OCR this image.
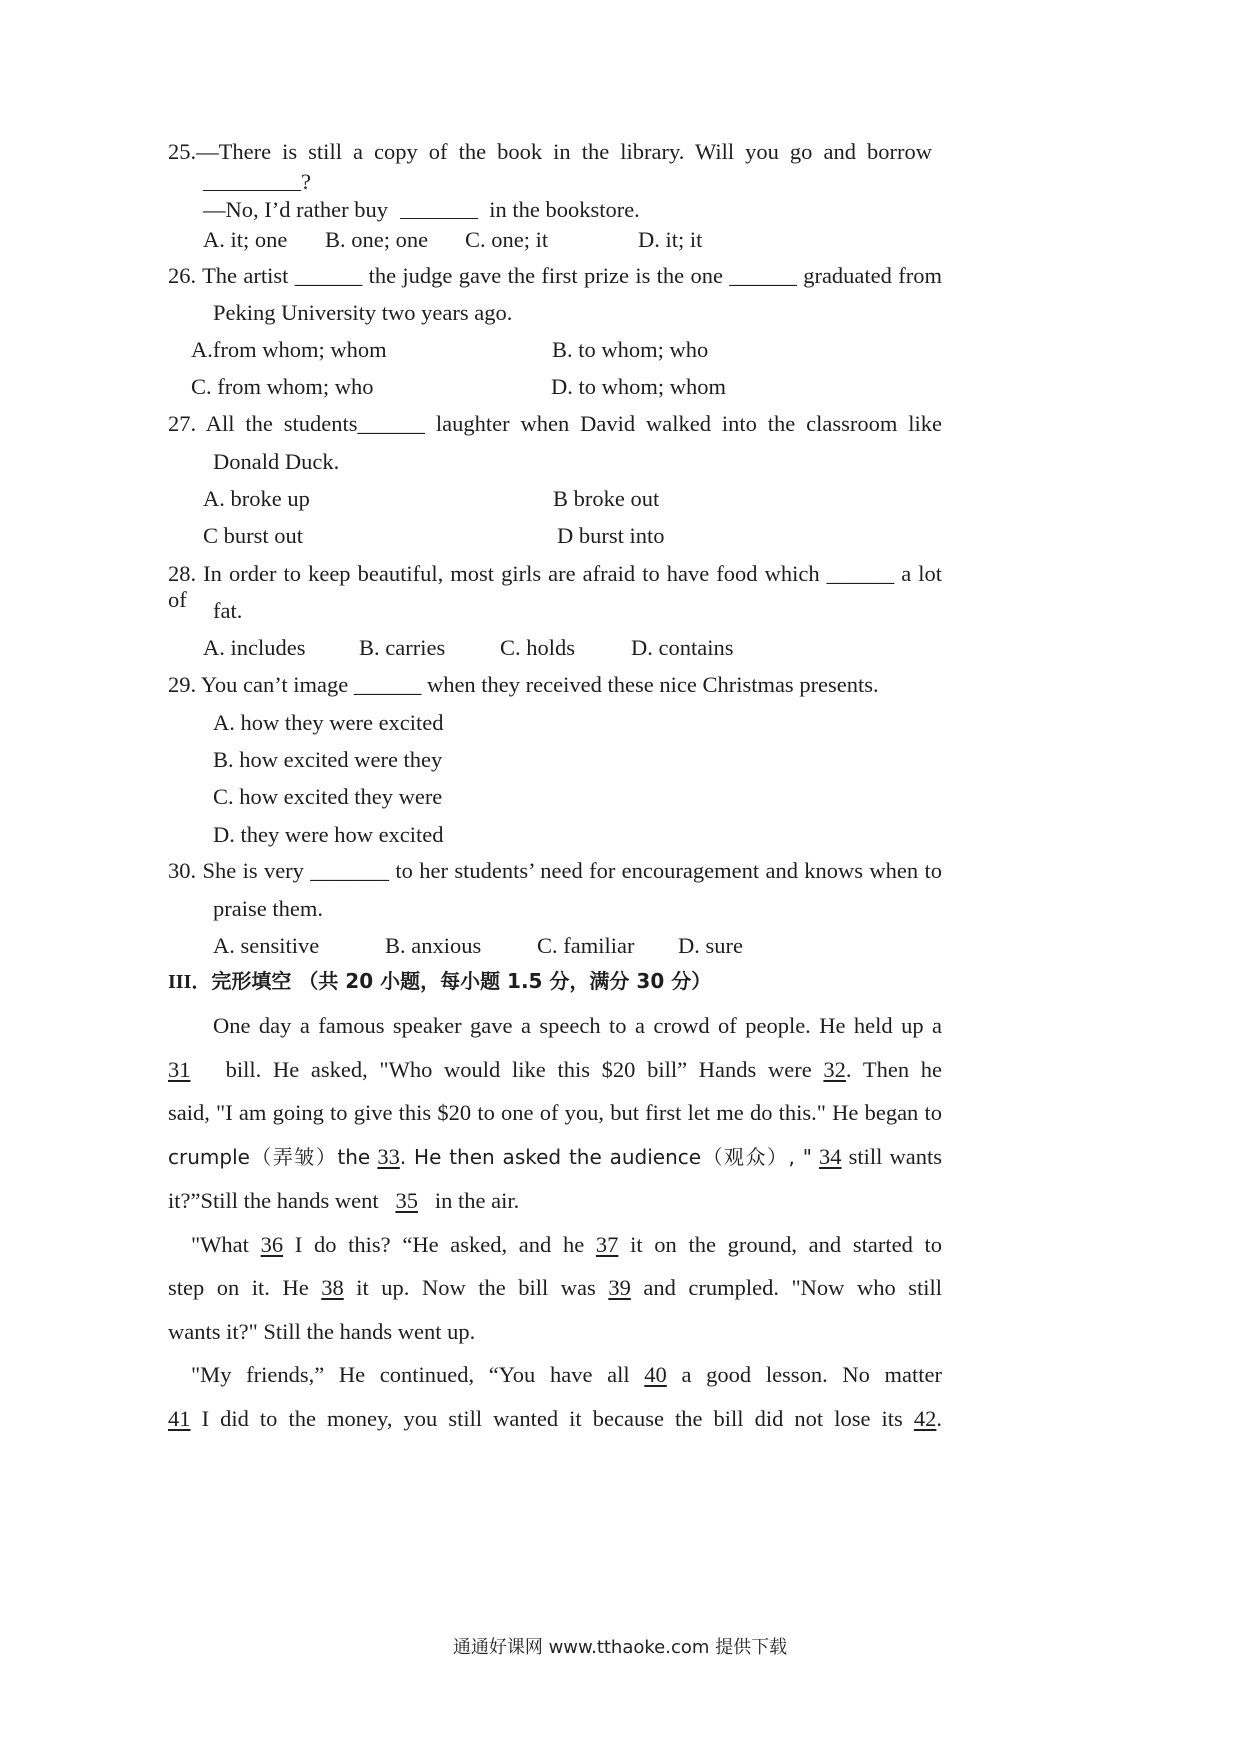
25.—There is still a copy of the book in the library. Will you go and borrow
?
—No, I’d rather buy	in the bookstore.
A. it; one B. one; one C. one; it	D. it; it
26. The artist ______ the judge gave the first prize is the one ______ graduated from
Peking University two years ago.
A.from whom; whom	B. to whom; who
C. from whom; who	D. to whom; whom
27. All the students______ laughter when David walked into the classroom like
Donald Duck.
A. broke up	B broke out
C burst out	D burst into
28. In order to keep beautiful, most girls are afraid to have food which ______ a lot of	fat.
A. includes B. carries C. holds D. contains
29. You can’t image ______ when they received these nice Christmas presents.
A. how they were excited
B. how excited were they
C. how excited they were
D. they were how excited
30. She is very _______ to her students’ need for encouragement and knows when to
praise them.
A. sensitive	B. anxious C. familiar D. sure
III．完形填空 （共 20 小题，每小题 1.5 分，满分 30 分）
One day a famous speaker gave a speech to a crowd of people. He held up a
31 bill. He asked, "Who would like this $20 bill” Hands were 32. Then he
said, "I am going to give this $20 to one of you, but first let me do this." He began to
crumple（弄皱）the 33. He then asked the audience（观众）, " 34 still wants
it?”Still the hands went 35 in the air.
"What 36 I do this? “He asked, and he 37 it on the ground, and started to
step on it. He 38 it up. Now the bill was 39 and crumpled. "Now who still
wants it?" Still the hands went up.
"My friends,” He continued, “You have all 40 a good lesson. No matter
41 I did to the money, you still wanted it because the bill did not lose its 42.
通通好课网 www.tthaoke.com 提供下载
